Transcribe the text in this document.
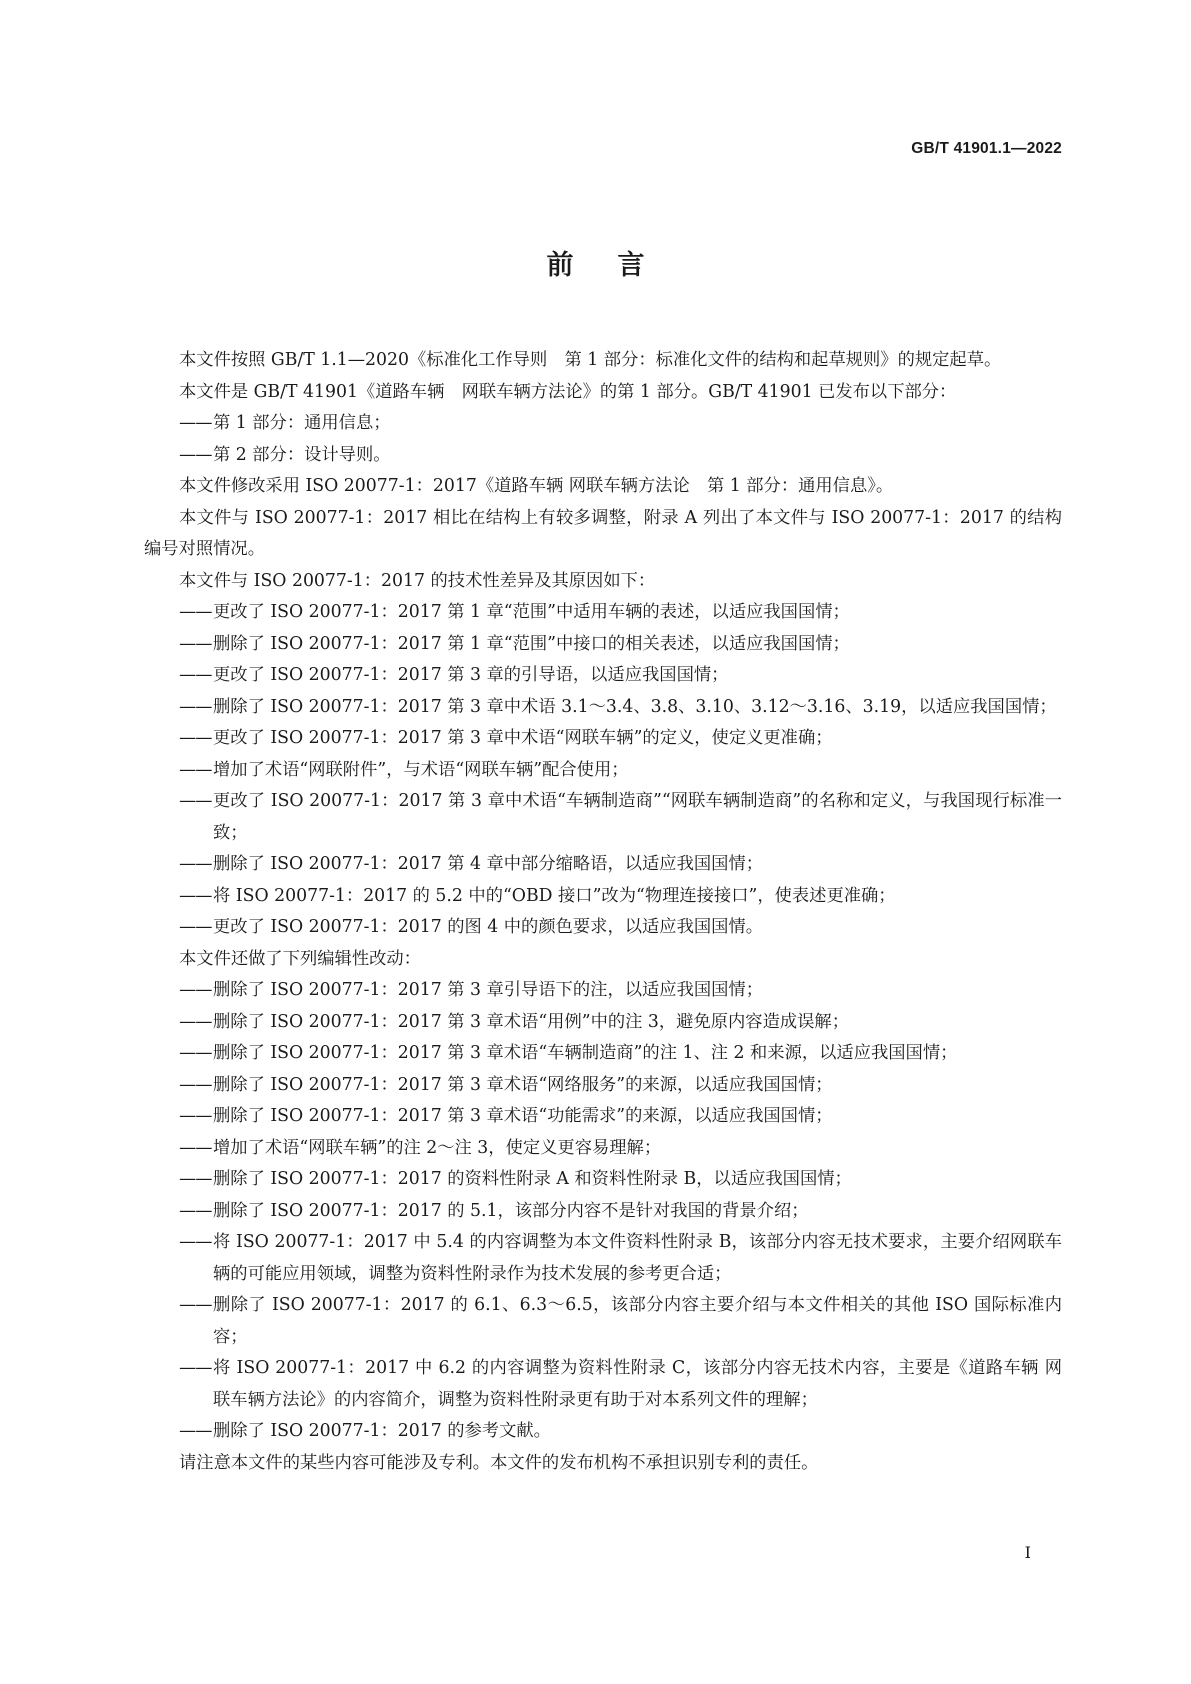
GB/T 41901.1—2022
前言

本文件按照 GB/T 1.1—2020《标准化工作导则　第 1 部分：标准化文件的结构和起草规则》的规定起草。

本文件是 GB/T 41901《道路车辆　网联车辆方法论》的第 1 部分。GB/T 41901 已发布以下部分：

—— 第 1 部分：通用信息；
—— 第 2 部分：设计导则。

本文件修改采用 ISO 20077-1：2017《道路车辆 网联车辆方法论　第 1 部分：通用信息》。

本文件与 ISO 20077-1：2017 相比在结构上有较多调整，附录 A 列出了本文件与 ISO 20077-1：2017 的结构编号对照情况。

本文件与 ISO 20077-1：2017 的技术性差异及其原因如下：

—— 更改了 ISO 20077-1：2017 第 1 章“范围”中适用车辆的表述，以适应我国国情；
—— 删除了 ISO 20077-1：2017 第 1 章“范围”中接口的相关表述，以适应我国国情；
—— 更改了 ISO 20077-1：2017 第 3 章的引导语，以适应我国国情；
—— 删除了 ISO 20077-1：2017 第 3 章中术语 3.1～3.4、3.8、3.10、3.12～3.16、3.19，以适应我国国情；
—— 更改了 ISO 20077-1：2017 第 3 章中术语“网联车辆”的定义，使定义更准确；
—— 增加了术语“网联附件”，与术语“网联车辆”配合使用；
—— 更改了 ISO 20077-1：2017 第 3 章中术语“车辆制造商”“网联车辆制造商”的名称和定义，与我国现行标准一致；
—— 删除了 ISO 20077-1：2017 第 4 章中部分缩略语，以适应我国国情；
—— 将 ISO 20077-1：2017 的 5.2 中的“OBD 接口”改为“物理连接接口”，使表述更准确；
—— 更改了 ISO 20077-1：2017 的图 4 中的颜色要求，以适应我国国情。

本文件还做了下列编辑性改动：

—— 删除了 ISO 20077-1：2017 第 3 章引导语下的注，以适应我国国情；
—— 删除了 ISO 20077-1：2017 第 3 章术语“用例”中的注 3，避免原内容造成误解；
—— 删除了 ISO 20077-1：2017 第 3 章术语“车辆制造商”的注 1、注 2 和来源，以适应我国国情；
—— 删除了 ISO 20077-1：2017 第 3 章术语“网络服务”的来源，以适应我国国情；
—— 删除了 ISO 20077-1：2017 第 3 章术语“功能需求”的来源，以适应我国国情；
—— 增加了术语“网联车辆”的注 2～注 3，使定义更容易理解；
—— 删除了 ISO 20077-1：2017 的资料性附录 A 和资料性附录 B，以适应我国国情；
—— 删除了 ISO 20077-1：2017 的 5.1，该部分内容不是针对我国的背景介绍；
—— 将 ISO 20077-1：2017 中 5.4 的内容调整为本文件资料性附录 B，该部分内容无技术要求，主要介绍网联车辆的可能应用领域，调整为资料性附录作为技术发展的参考更合适；
—— 删除了 ISO 20077-1：2017 的 6.1、6.3～6.5，该部分内容主要介绍与本文件相关的其他 ISO 国际标准内容；
—— 将 ISO 20077-1：2017 中 6.2 的内容调整为资料性附录 C，该部分内容无技术内容，主要是《道路车辆 网联车辆方法论》的内容简介，调整为资料性附录更有助于对本系列文件的理解；
—— 删除了 ISO 20077-1：2017 的参考文献。

请注意本文件的某些内容可能涉及专利。本文件的发布机构不承担识别专利的责任。

I
